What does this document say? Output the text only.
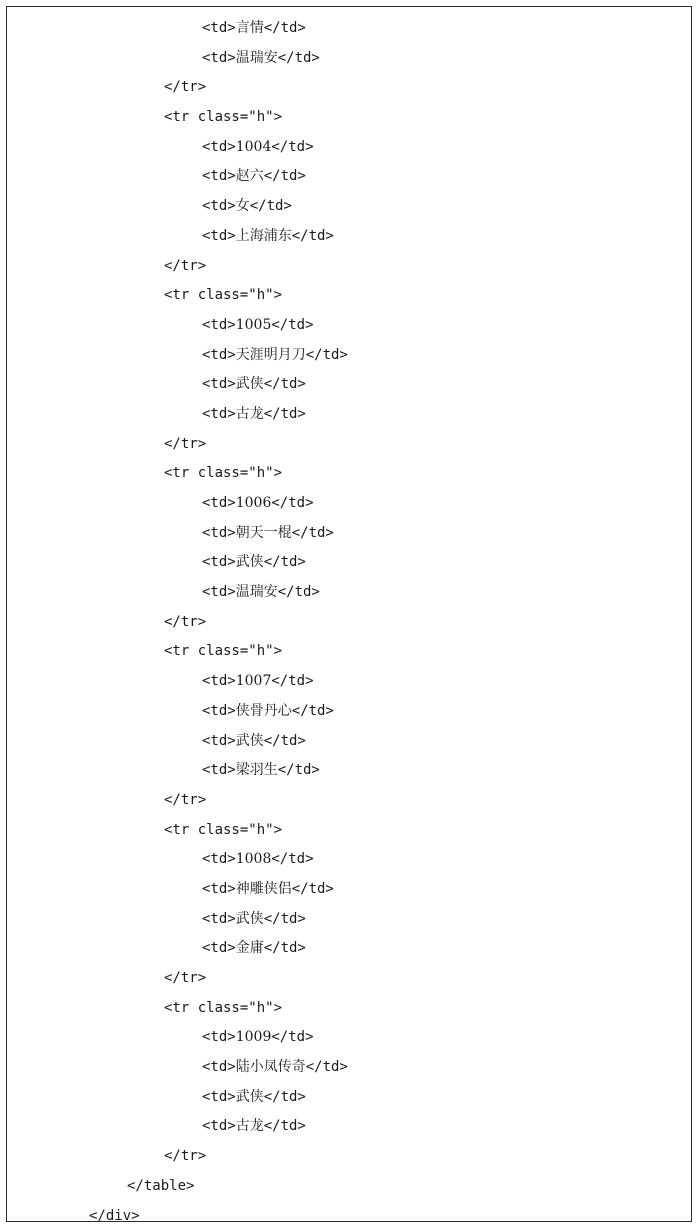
<td>言情</td>
<td>温瑞安</td>
</tr>
<tr class="h">
<td>1004</td>
<td>赵六</td>
<td>女</td>
<td>上海浦东</td>
</tr>
<tr class="h">
<td>1005</td>
<td>天涯明月刀</td>
<td>武侠</td>
<td>古龙</td>
</tr>
<tr class="h">
<td>1006</td>
<td>朝天一棍</td>
<td>武侠</td>
<td>温瑞安</td>
</tr>
<tr class="h">
<td>1007</td>
<td>侠骨丹心</td>
<td>武侠</td>
<td>梁羽生</td>
</tr>
<tr class="h">
<td>1008</td>
<td>神雕侠侣</td>
<td>武侠</td>
<td>金庸</td>
</tr>
<tr class="h">
<td>1009</td>
<td>陆小凤传奇</td>
<td>武侠</td>
<td>古龙</td>
</tr>
</table>
</div>
